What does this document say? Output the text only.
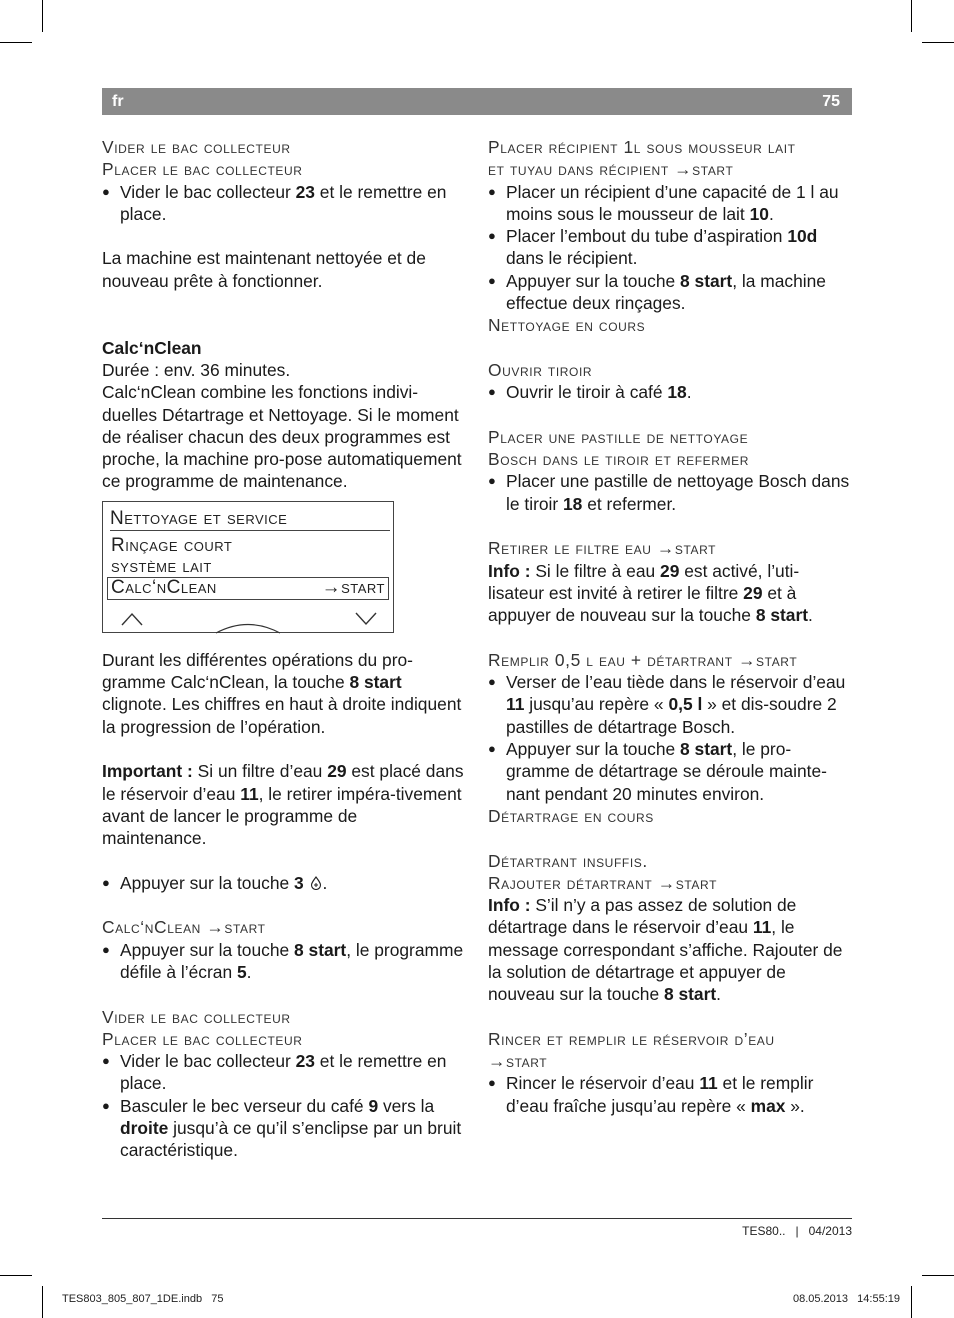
fr	75

Vider le bac collecteur

Placer le bac collecteur

● Vider le bac collecteur 23 et le remettre en place.

La machine est maintenant nettoyée et de
nouveau prête à fonctionner.

Calc‘nClean

Durée : env. 36 minutes.

Calc‘nClean combine les fonctions indivi-duelles Détartrage et Nettoyage. Si le moment de réaliser chacun des deux programmes est proche, la machine pro-pose automatiquement ce programme de maintenance.

Nettoyage et service
Rinçage court
système lait
Calc‘nClean	→start

Durant les différentes opérations du pro-gramme Calc‘nClean, la touche 8 start clignote. Les chiffres en haut à droite indiquent la progression de l’opération.

Important : Si un filtre d’eau 29 est placé dans le réservoir d’eau 11, le retirer impéra-tivement avant de lancer le programme de maintenance.

● Appuyer sur la touche 3 .

Calc‘nClean →start

● Appuyer sur la touche 8 start, le programme défile à l’écran 5.

Vider le bac collecteur

Placer le bac collecteur

● Vider le bac collecteur 23 et le remettre en place.

● Basculer le bec verseur du café 9 vers la droite jusqu’à ce qu’il s’enclipse par un bruit caractéristique.

Placer récipient 1l sous mousseur lait

et tuyau dans récipient →start

● Placer un récipient d’une capacité de 1 l au moins sous le mousseur de lait 10.

● Placer l’embout du tube d’aspiration 10d dans le récipient.

● Appuyer sur la touche 8 start, la machine effectue deux rinçages.

Nettoyage en cours

Ouvrir tiroir

● Ouvrir le tiroir à café 18.

Placer une pastille de nettoyage

Bosch dans le tiroir et refermer

● Placer une pastille de nettoyage Bosch dans le tiroir 18 et refermer.

Retirer le filtre eau →start

Info : Si le filtre à eau 29 est activé, l’uti-lisateur est invité à retirer le filtre 29 et à appuyer de nouveau sur la touche 8 start.

Remplir 0,5 l eau + détartrant →start

● Verser de l’eau tiède dans le réservoir d’eau 11 jusqu’au repère « 0,5 l » et dis-soudre 2 pastilles de détartrage Bosch.

● Appuyer sur la touche 8 start, le pro-gramme de détartrage se déroule mainte-nant pendant 20 minutes environ.

Détartrage en cours

Détartrant insuffis.

Rajouter détartrant →start

Info : S’il n’y a pas assez de solution de détartrage dans le réservoir d’eau 11, le message correspondant s’affiche. Rajouter de la solution de détartrage et appuyer de nouveau sur la touche 8 start.

Rincer et remplir le réservoir d’eau

→start

● Rincer le réservoir d’eau 11 et le remplir d’eau fraîche jusqu’au repère « max ».

TES80..   |   04/2013
TES803_805_807_1DE.indb   75	08.05.2013   14:55:19
